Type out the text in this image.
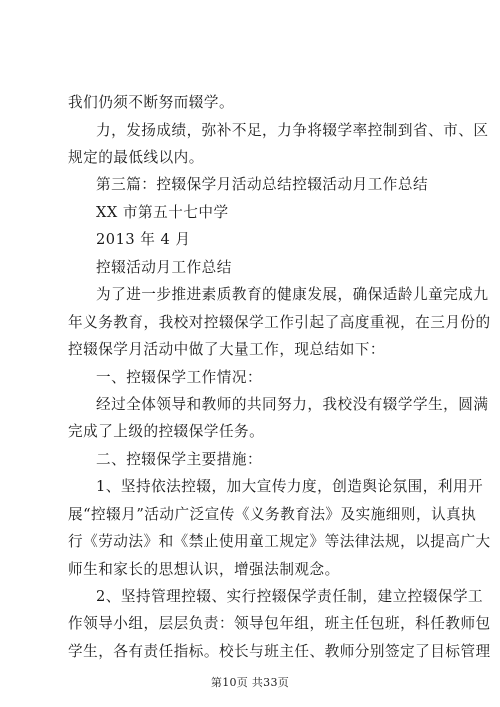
我们仍须不断努而辍学。
力，发扬成绩，弥补不足，力争将辍学率控制到省、市、区
规定的最低线以内。
第三篇：控辍保学月活动总结控辍活动月工作总结
XX 市第五十七中学
2013 年 4 月
控辍活动月工作总结
为了进一步推进素质教育的健康发展，确保适龄儿童完成九
年义务教育，我校对控辍保学工作引起了高度重视，在三月份的
控辍保学月活动中做了大量工作，现总结如下：
一、控辍保学工作情况：
经过全体领导和教师的共同努力，我校没有辍学学生，圆满
完成了上级的控辍保学任务。
二、控辍保学主要措施：
1、坚持依法控辍，加大宣传力度，创造舆论氛围，利用开
展“控辍月”活动广泛宣传《义务教育法》及实施细则，认真执
行《劳动法》和《禁止使用童工规定》等法律法规，以提高广大
师生和家长的思想认识，增强法制观念。
2、坚持管理控辍、实行控辍保学责任制，建立控辍保学工
作领导小组，层层负责：领导包年组，班主任包班，科任教师包
学生，各有责任指标。校长与班主任、教师分别签定了目标管理
第10页 共33页
